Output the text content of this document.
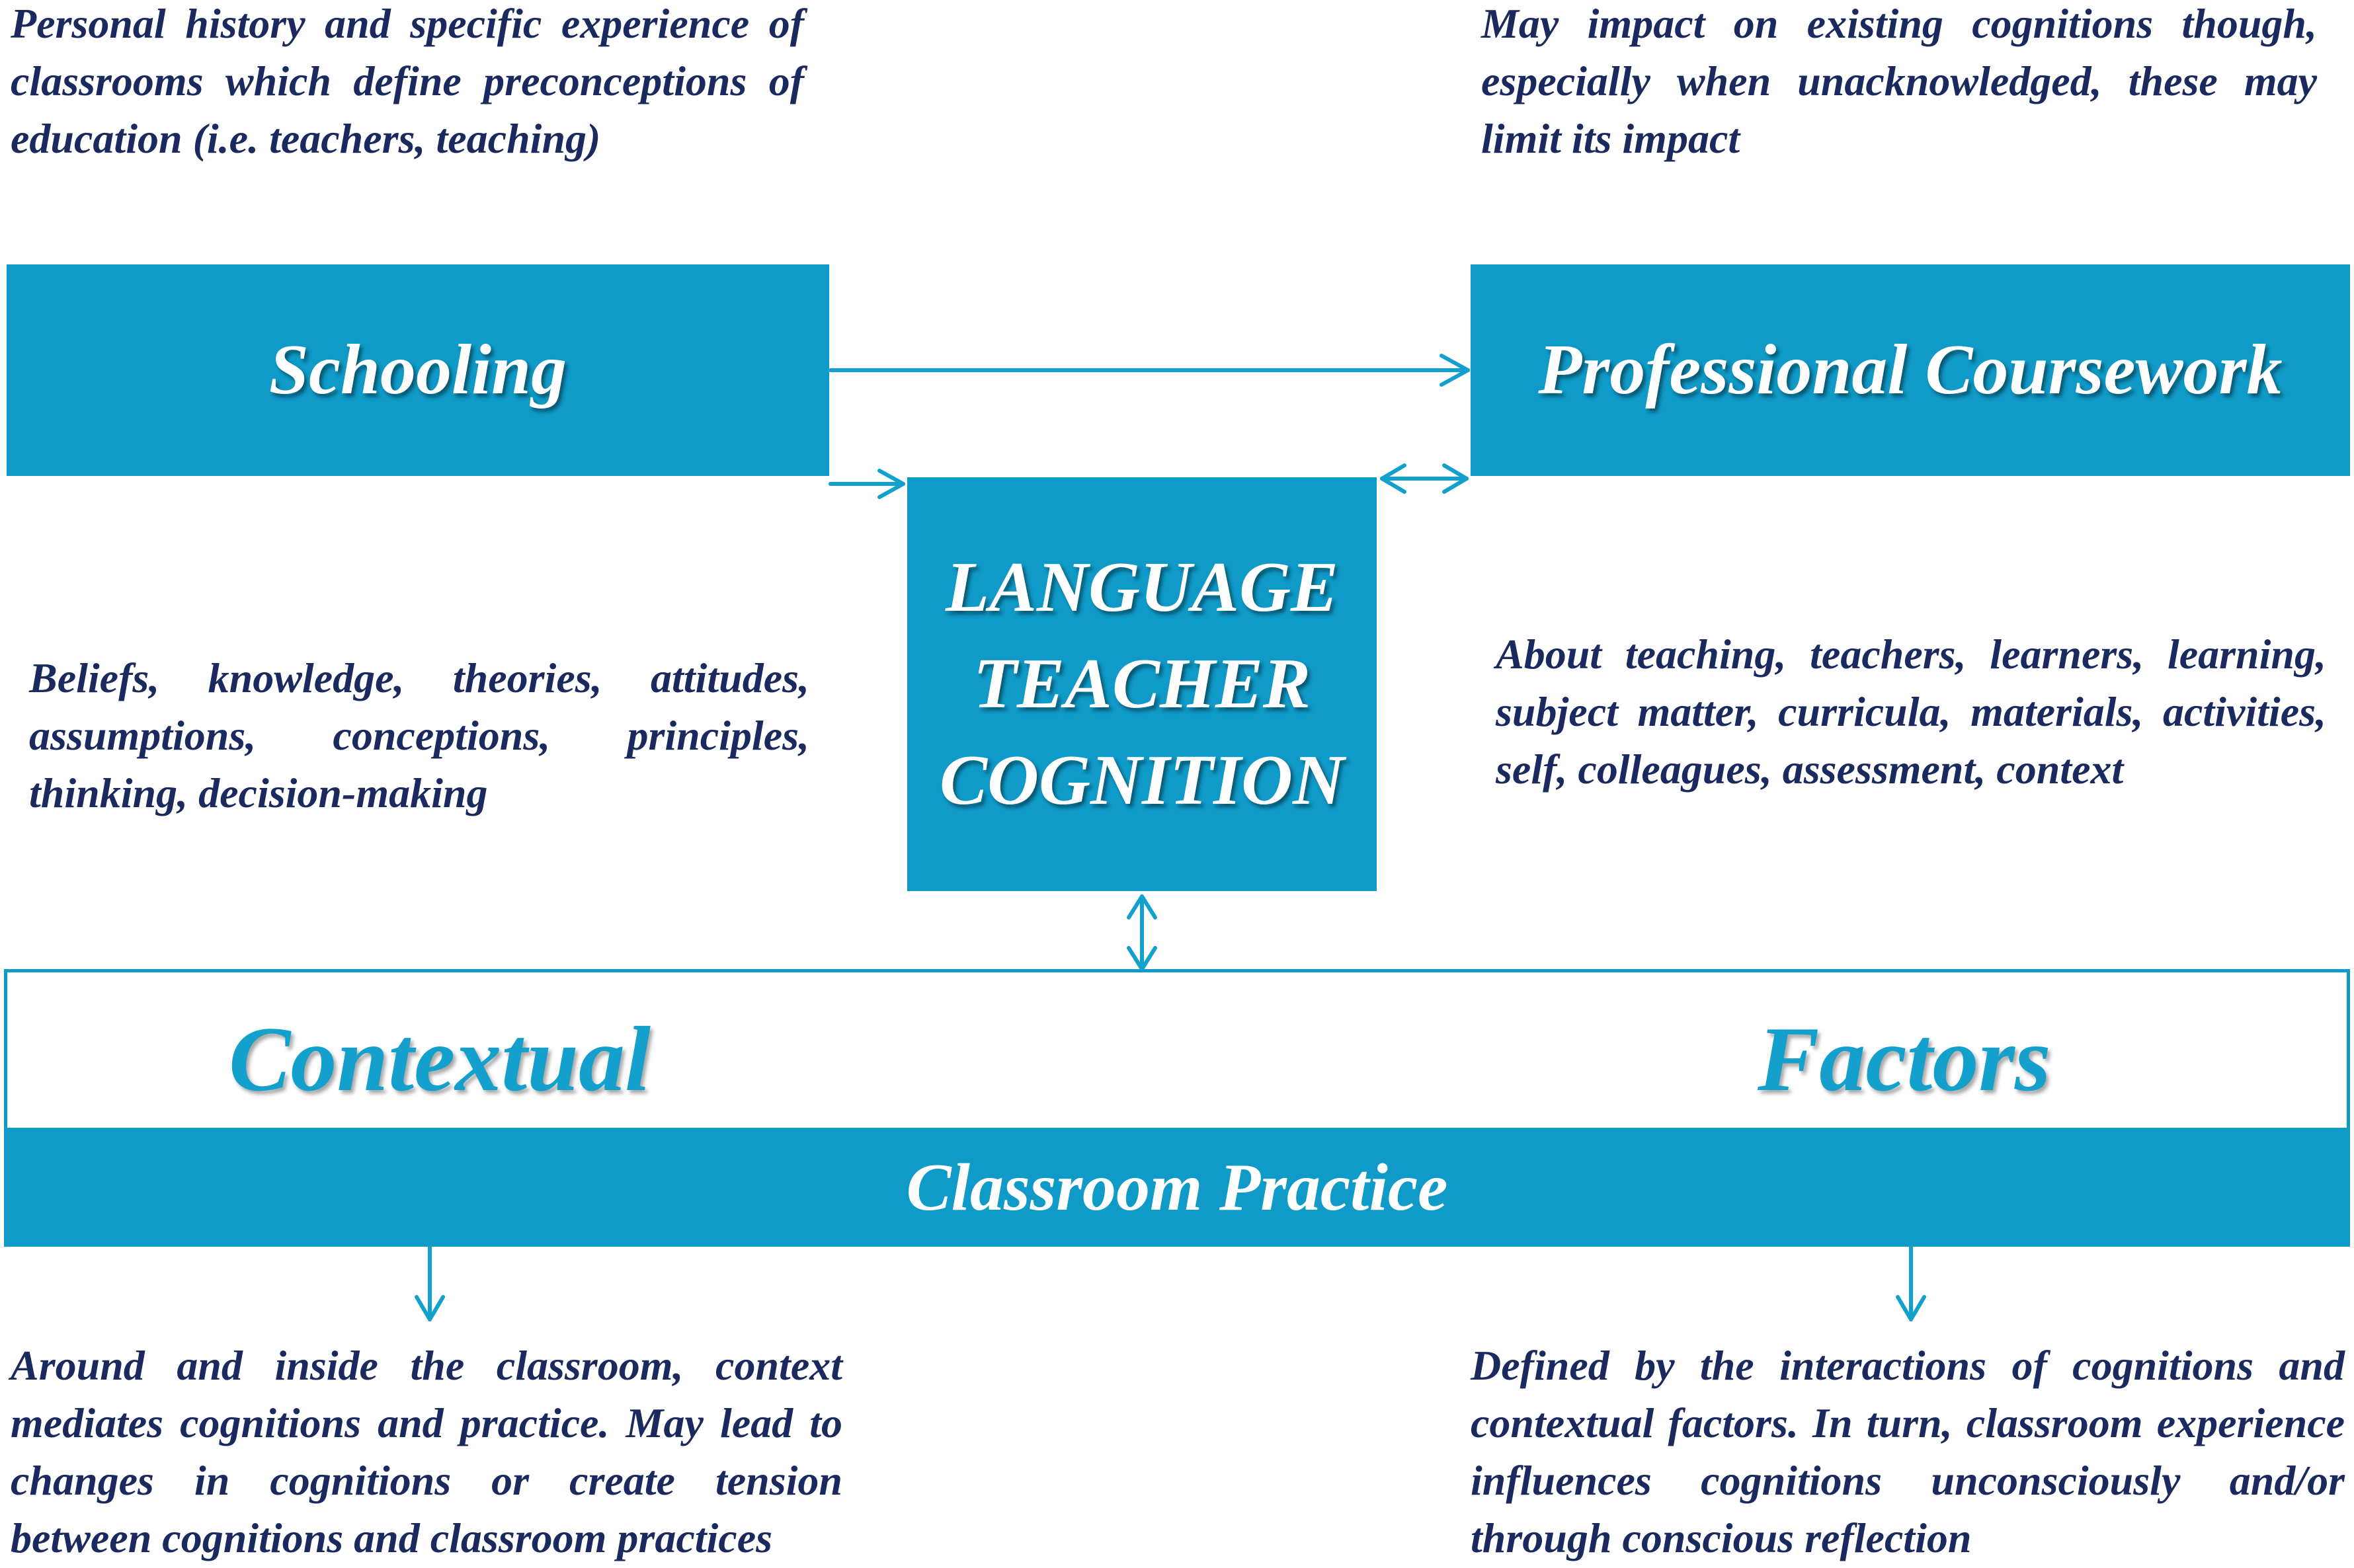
Personal history and specific experience of classrooms which define preconceptions of education (i.e. teachers, teaching)

May impact on existing cognitions though, especially when unacknowledged, these may limit its impact

Schooling	Professional Coursework
LANGUAGE
TEACHER
COGNITION

Beliefs, knowledge, theories, attitudes, assumptions, conceptions, principles, thinking, decision-making

About teaching, teachers, learners, learning, subject matter, curricula, materials, activities, self, colleagues, assessment, context

Contextual	Factors
Classroom Practice

Around and inside the classroom, context mediates cognitions and practice. May lead to changes in cognitions or create tension between cognitions and classroom practices

Defined by the interactions of cognitions and contextual factors. In turn, classroom experience influences cognitions unconsciously and/or through conscious reflection
